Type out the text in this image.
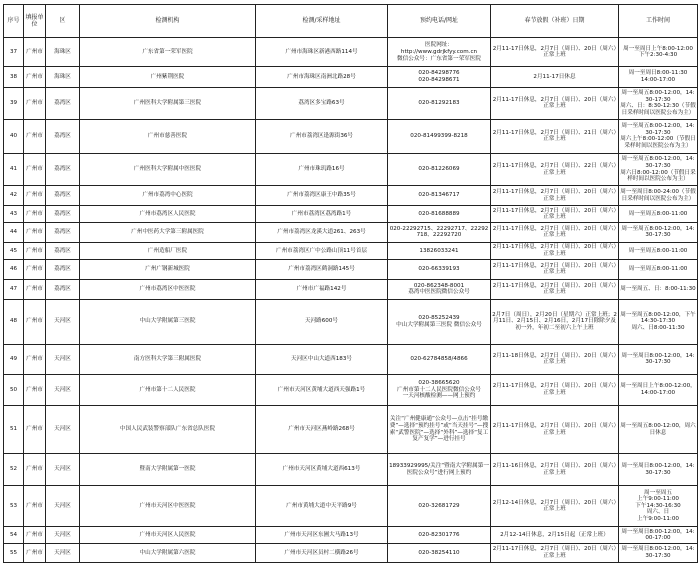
序号	填报单位	区	检测机构	检测/采样地址	预约电话/网址	春节放假（补班）日期	工作时间
37	广州市	海珠区	广东省第一荣军医院	广州市海珠区新港西路114号	医院网址：
http://www.gdrjkfyy.com.cn
微信公众号：广东省第一荣军医院	2月11-17日休息，2月7日（周日）、20日（周六）正常上班	周一至周日上午8:00-12:00
下午2:30-4:30
38	广州市	海珠区	广州紫荆医院	广州市海珠区南洲北路28号	020-84298776
020-84298671	2月11-17日休息	周一至周日8:00-11:30
14:00-17:00
39	广州市	荔湾区	广州医科大学附属第三医院	荔湾区多宝路63号	020-81292183	2月11-17日休息，2月7日（周日）、20日（周六）正常上班	周一至周五8:00-12:00，14:30-17:30
周六、日：8:30-12:30（节假日采样时间以医院公布为主）
40	广州市	荔湾区	广州市慈善医院	广州市荔湾区逢源街36号	020-81499399-8218	2月11-17日休息，2月7日（周日）、21日（周六）正常上班	周一至周五8:00-12:00，14:30-17:30
周六上午8:00-12:00（节假日采样时间以医院公布为主）
41	广州市	荔湾区	广州医科大学附属中医医院	广州市珠玑路16号	020-81226069	2月11-17日休息，2月7日（周日）、22日（周六）正常上班	周一至周五8:00-12:00，14:30-17:30
周六日8:00-12:00（节假日采样时间以医院公布为主）
42	广州市	荔湾区	广州市荔湾中心医院	广州市荔湾区康王中路35号	020-81346717	2月11-17日休息，2月7日（周日）、20日（周六）正常上班	周一至周日8:00-24:00（节假日采样时间以医院公布为主）
43	广州市	荔湾区	广州市荔湾区人民医院	广州市荔湾区荔湾路1号	020-81688889	2月11-17日休息，2月7日（周日）、20日（周六）正常上班	周一至周五8:00-11:00
44	广州市	荔湾区	广州中医药大学第三附属医院	广州市荔湾区龙溪大道261、263号	020-22292715、22292717、22292718、22292720	2月11-17日休息，2月7日（周日）、20日（周六）正常上班	周一至周五8:00-12:00，14:30-17:30
45	广州市	荔湾区	广州造船厂医院	广州市荔湾区广中公路山顶11号首层	13826033241	2月11-17日休息，2月7日（周日）、20日（周六）正常上班	周一至周五8:00-11:00
46	广州市	荔湾区	广州广钢新城医院	广州市荔湾区鹤洞路145号	020-66339193	2月11-17日休息，2月7日（周日）、20日（周六）正常上班	周一至周五8:00-11:00
47	广州市	荔湾区	广州市荔湾区中医医院	广州市广福路142号	020-862348-8001
荔湾中医医院微信公众号	2月11-17日休息，2月7日（周日）、20日（周六）正常上班	周一至周五、日：8:00-11:30
48	广州市	天河区	中山大学附属第三医院	天河路600号	020-85252439
中山大学附属第三医院 微信公众号	2月7日（周日），2月20日（星期六）正常上班；2月11日、2月15日、2月16日，2月17日除除夕及初一外，年初二至初六上午上班	周一至周五8:00-12:00，下午14:30-17:30
周六、日8:00-11:30
49	广州市	天河区	南方医科大学第三附属医院	天河区中山大道西183号	020-62784858/4866	2月11-18日休息，2月7日（周日）、20日（周六）正常上班	周一至周日8:00-12:00，14:30-17:30
50	广州市	天河区	广州市第十二人民医院	广州市天河区黄埔大道西天强路1号	020-38665620
广州市第十二人民医院微信公众号
一天河核酸检测——网上预约	2月11-17日休息，2月7日（周日）、20日（周六）正常上班	周一至周日上午8:00-12:00，14:00-17:00
51	广州市	天河区	中国人民武装警察部队广东省总队医院	广州市天河区燕岭路268号	关注“广州健康通”公众号—点击“挂号缴费”—选择“预约挂号”或“当天挂号”—搜索“武警医院”—选择“外科”—选择“复工复产复学”—进行挂号	2月11-17日休息，2月7日（周日）、20日（周六）正常上班	周一至周五8:00-12:00，周六日休息
52	广州市	天河区	暨南大学附属第一医院	广州市天河区黄埔大道西613号	18933929995/关注“暨南大学附属第一医院公众号”进行网上预约	2月11-16日休息，2月7日（周日）、20日（周六）正常上班	周一至周日8:00-12:00，14:30-17:30
53	广州市	天河区	广州市天河区中医医院	广州市黄埔大道中天平路9号	020-32681729	2月12-14日休息，2月7日（周日）、20日（周六）正常上班	周一至周五
上午9:00-11:00
下午14:30-16:30
周六、日
上午9:00-11:00
54	广州市	天河区	广州市天河区人民医院	广州市天河区东圃大马路13号	020-82301776	2月12-14日休息，2月15日起（正常上班）	周一至周日8:00-12:00，14:00-17:00
55	广州市	天河区	中山大学附属第六医院	广州市天河区员村二横路26号	020-38254110	2月11-17日休息，2月7日（周日）、20日（周六）正常上班	周一至周日8:00-12:00，14:30-17:30
